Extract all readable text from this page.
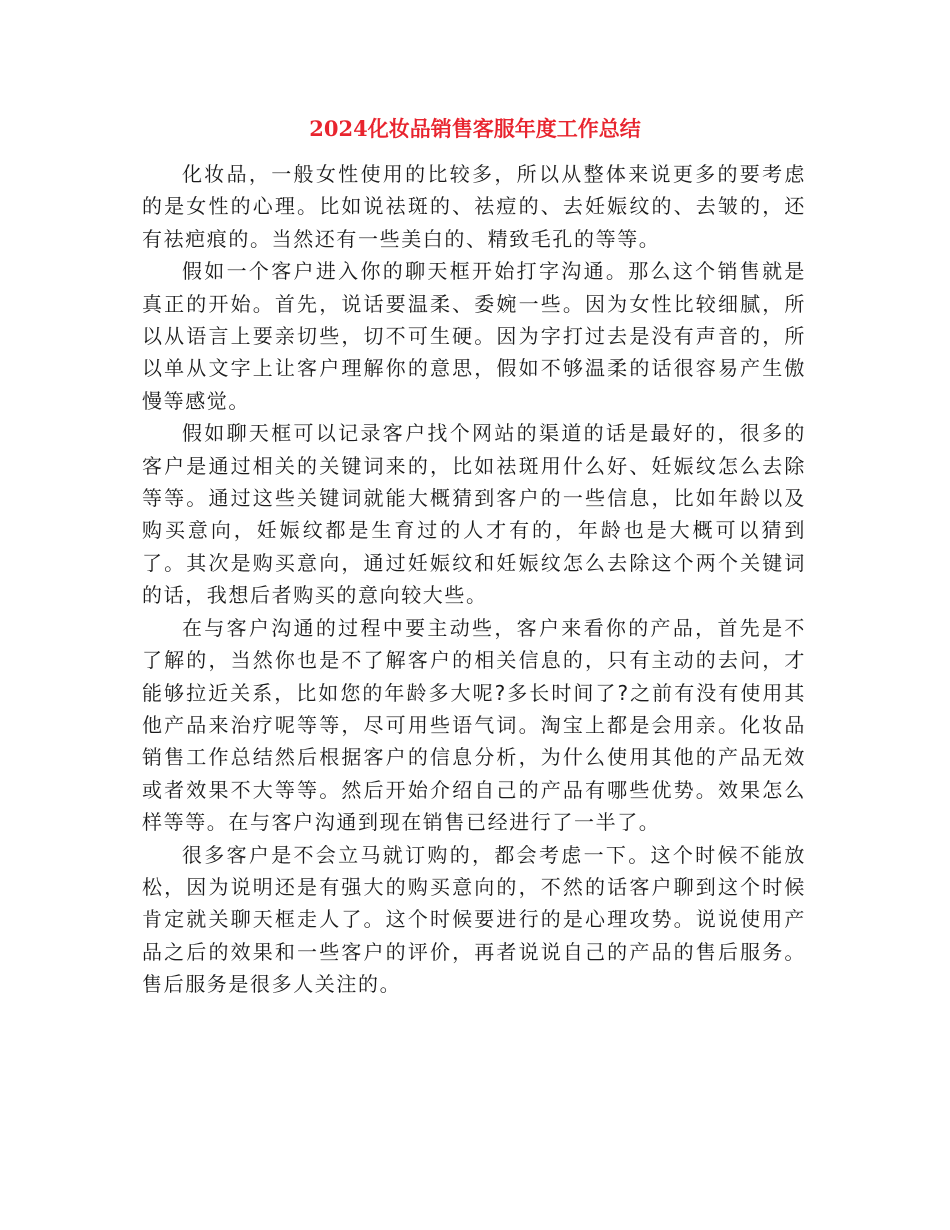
2024化妆品销售客服年度工作总结

化妆品，一般女性使用的比较多，所以从整体来说更多的要考虑的是女性的心理。比如说祛斑的、祛痘的、去妊娠纹的、去皱的，还有祛疤痕的。当然还有一些美白的、精致毛孔的等等。

假如一个客户进入你的聊天框开始打字沟通。那么这个销售就是真正的开始。首先，说话要温柔、委婉一些。因为女性比较细腻，所以从语言上要亲切些，切不可生硬。因为字打过去是没有声音的，所以单从文字上让客户理解你的意思，假如不够温柔的话很容易产生傲慢等感觉。

假如聊天框可以记录客户找个网站的渠道的话是最好的，很多的客户是通过相关的关键词来的，比如祛斑用什么好、妊娠纹怎么去除等等。通过这些关键词就能大概猜到客户的一些信息，比如年龄以及购买意向，妊娠纹都是生育过的人才有的，年龄也是大概可以猜到了。其次是购买意向，通过妊娠纹和妊娠纹怎么去除这个两个关键词的话，我想后者购买的意向较大些。

在与客户沟通的过程中要主动些，客户来看你的产品，首先是不了解的，当然你也是不了解客户的相关信息的，只有主动的去问，才能够拉近关系，比如您的年龄多大呢?多长时间了?之前有没有使用其他产品来治疗呢等等，尽可用些语气词。淘宝上都是会用亲。化妆品销售工作总结然后根据客户的信息分析，为什么使用其他的产品无效或者效果不大等等。然后开始介绍自己的产品有哪些优势。效果怎么样等等。在与客户沟通到现在销售已经进行了一半了。

很多客户是不会立马就订购的，都会考虑一下。这个时候不能放松，因为说明还是有强大的购买意向的，不然的话客户聊到这个时候肯定就关聊天框走人了。这个时候要进行的是心理攻势。说说使用产品之后的效果和一些客户的评价，再者说说自己的产品的售后服务。售后服务是很多人关注的。
